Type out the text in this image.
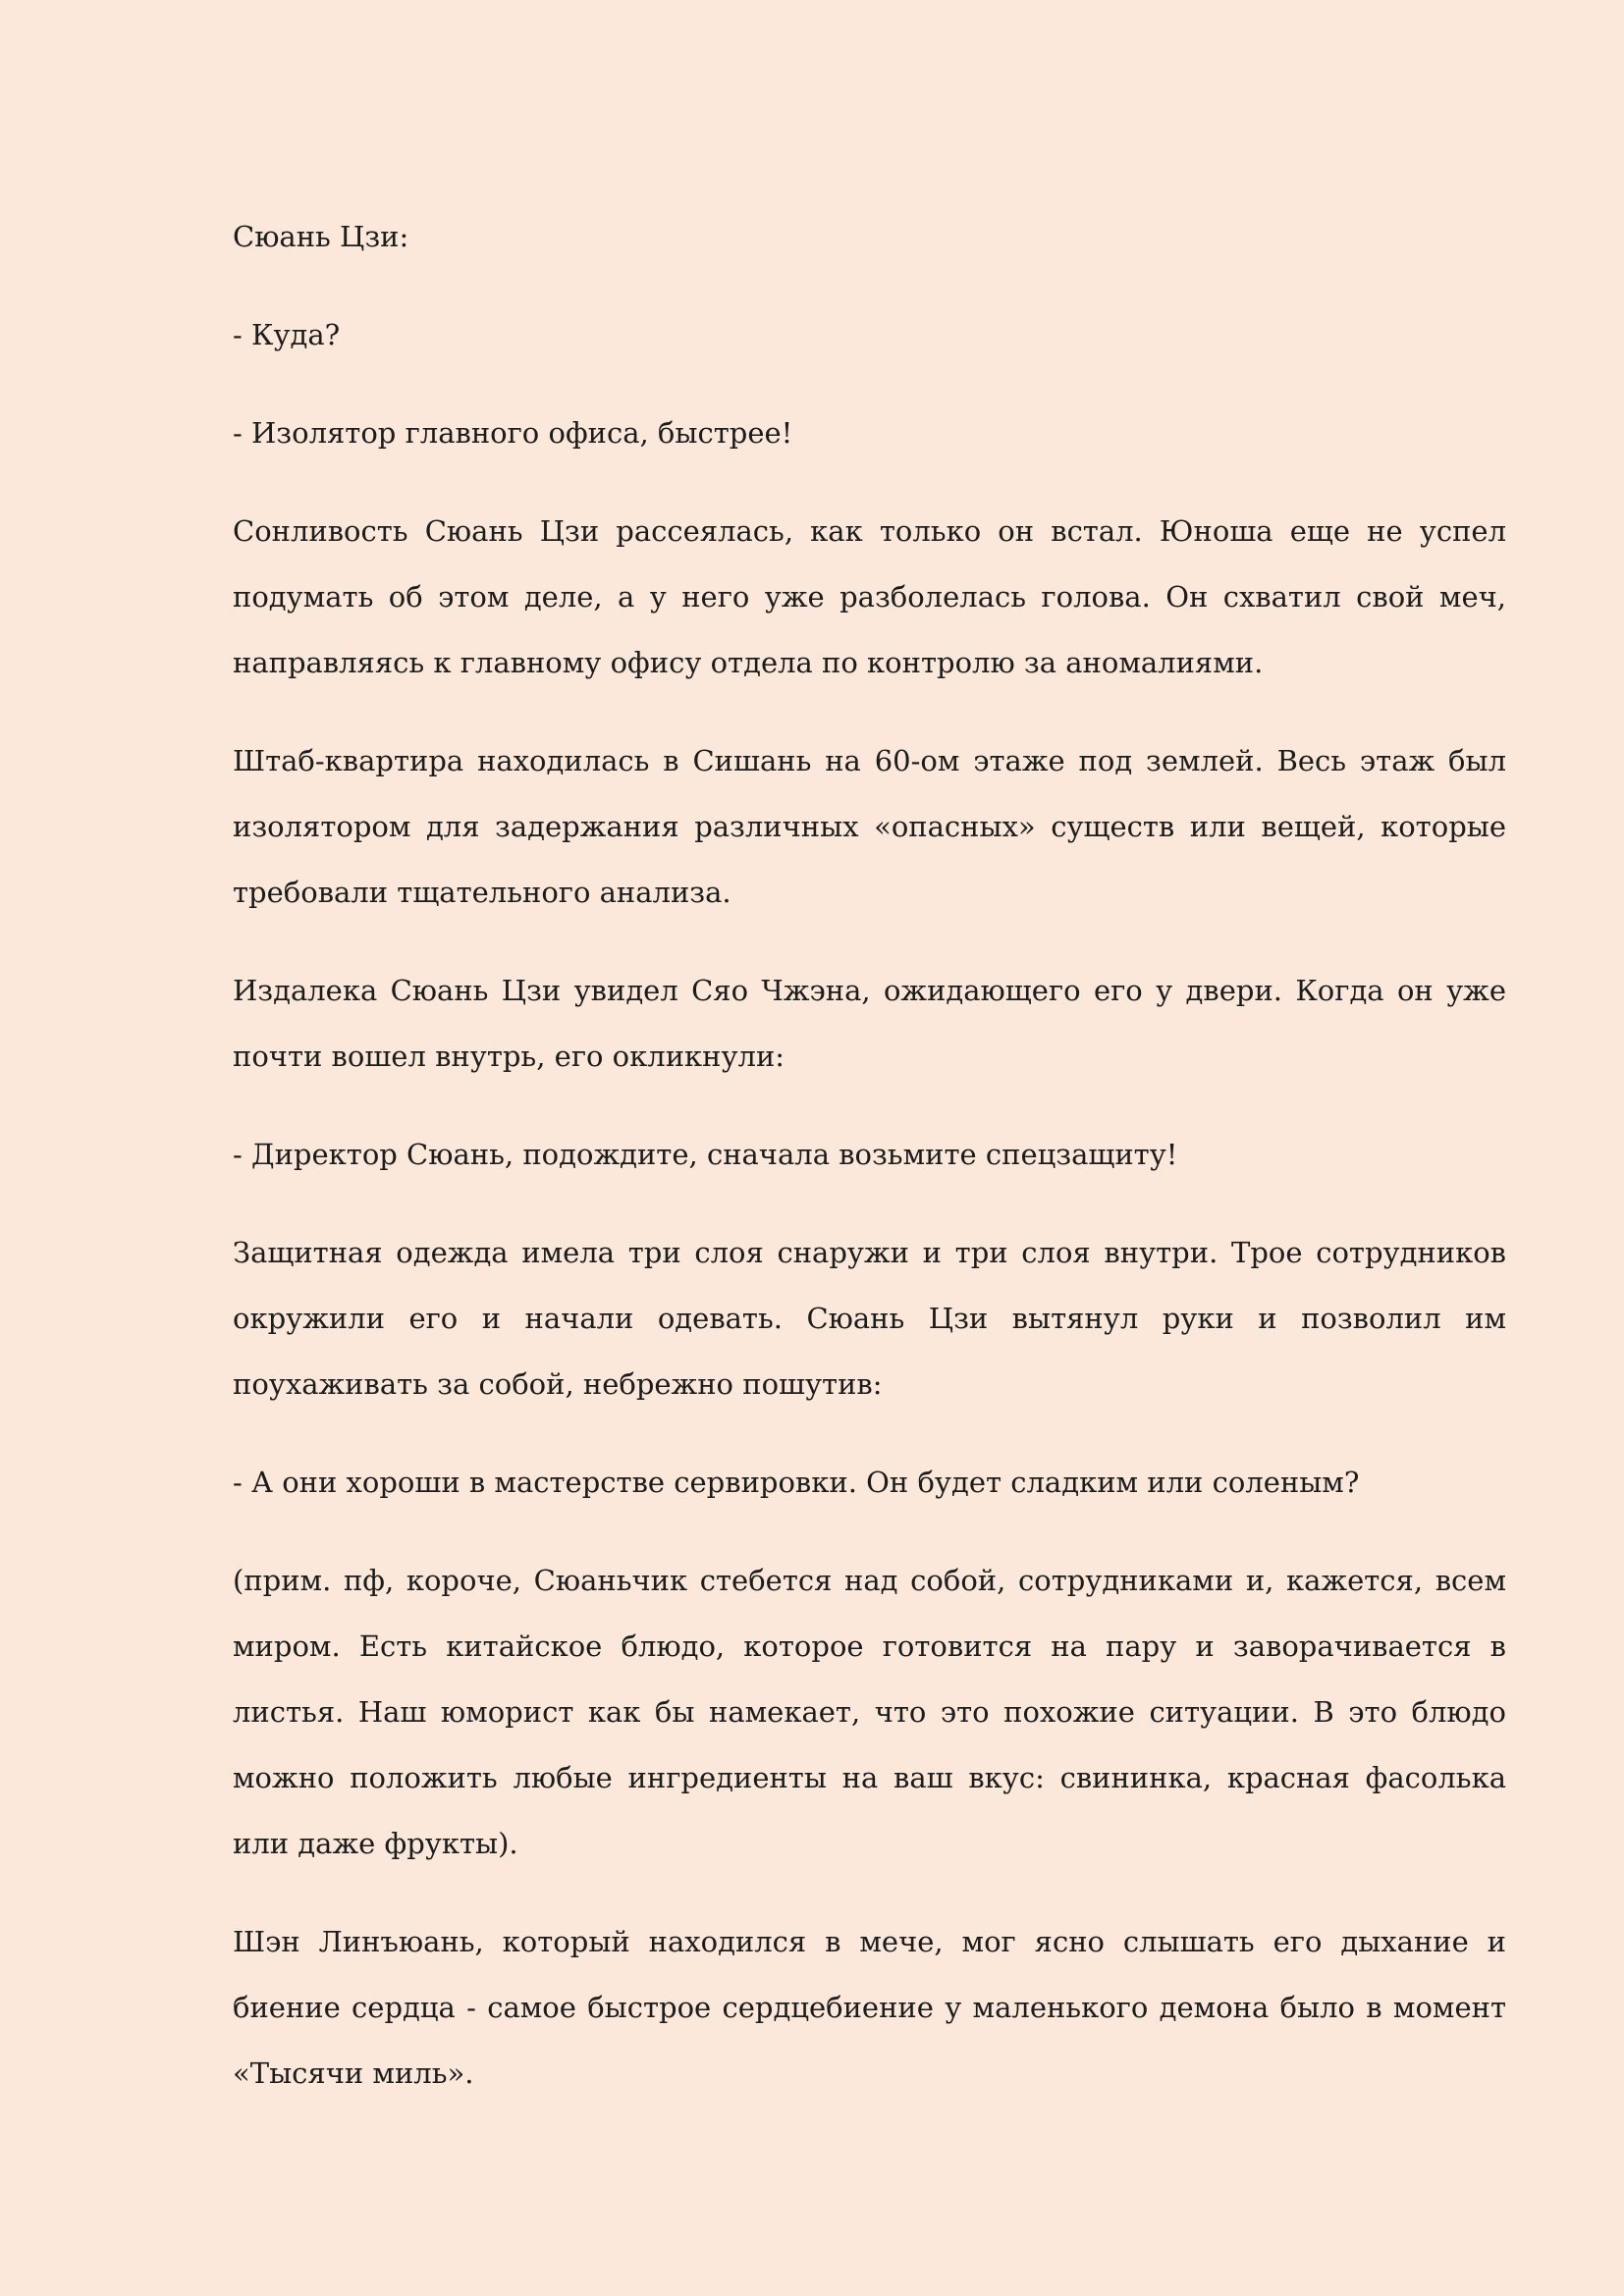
Сюань Цзи:

- Куда?

- Изолятор главного офиса, быстрее!

Сонливость Сюань Цзи рассеялась, как только он встал. Юноша еще не успел подумать об этом деле, а у него уже разболелась голова. Он схватил свой меч, направляясь к главному офису отдела по контролю за аномалиями.

Штаб-квартира находилась в Сишань на 60-ом этаже под землей. Весь этаж был изолятором для задержания различных «опасных» существ или вещей, которые требовали тщательного анализа.

Издалека Сюань Цзи увидел Сяо Чжэна, ожидающего его у двери. Когда он уже почти вошел внутрь, его окликнули:

- Директор Сюань, подождите, сначала возьмите спецзащиту!

Защитная одежда имела три слоя снаружи и три слоя внутри. Трое сотрудников окружили его и начали одевать. Сюань Цзи вытянул руки и позволил им поухаживать за собой, небрежно пошутив:

- А они хороши в мастерстве сервировки. Он будет сладким или соленым?

(прим. пф, короче, Сюаньчик стебется над собой, сотрудниками и, кажется, всем миром. Есть китайское блюдо, которое готовится на пару и заворачивается в листья. Наш юморист как бы намекает, что это похожие ситуации. В это блюдо можно положить любые ингредиенты на ваш вкус: свининка, красная фасолька или даже фрукты).

Шэн Линъюань, который находился в мече, мог ясно слышать его дыхание и биение сердца - самое быстрое сердцебиение у маленького демона было в момент «Тысячи миль».
